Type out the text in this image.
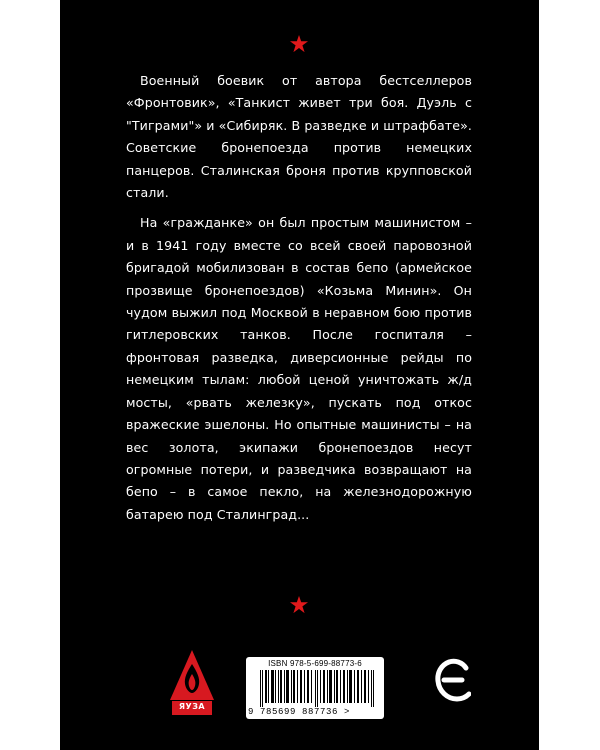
Военный боевик от автора бестселлеров «Фронтовик», «Танкист живет три боя. Дуэль с "Тиграми"» и «Сибиряк. В разведке и штрафбате». Советские бронепоезда против немецких панцеров. Сталинская броня против крупповской стали.

На «гражданке» он был простым машинистом – и в 1941 году вместе со всей своей паровозной бригадой мобилизован в состав бепо (армейское прозвище бронепоездов) «Козьма Минин». Он чудом выжил под Москвой в неравном бою против гитлеровских танков. После госпиталя – фронтовая разведка, диверсионные рейды по немецким тылам: любой ценой уничтожать ж/д мосты, «рвать железку», пускать под откос вражеские эшелоны. Но опытные машинисты – на вес золота, экипажи бронепоездов несут огромные потери, и разведчика возвращают на бепо – в самое пекло, на железнодорожную батарею под Сталинград...

ЯУЗА
ISBN 978-5-699-88773-6
9 785699 887736 >
